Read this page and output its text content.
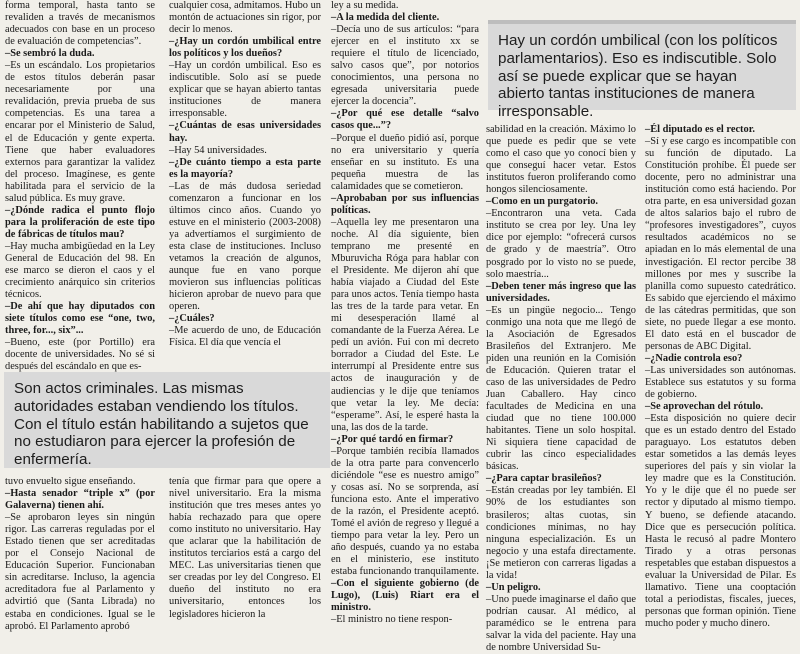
forma temporal, hasta tanto se revaliden a través de mecanismos adecuados con base en un proceso de evaluación de competencias”.

–Se sembró la duda.

–Es un escándalo. Los propietarios de estos títulos deberán pasar necesariamente por una revalidación, previa prueba de sus competencias. Es una tarea a encarar por el Ministerio de Salud, el de Educación y gente experta. Tiene que haber evaluadores externos para garantizar la validez del proceso. Imagínese, es gente habilitada para el servicio de la salud pública. Es muy grave.

–¿Dónde radica el punto flojo para la proliferación de este tipo de fábricas de títulos mau?

–Hay mucha ambigüedad en la Ley General de Educación del 98. En ese marco se dieron el caos y el crecimiento anárquico sin criterios técnicos.

–De ahí que hay diputados con siete títulos como ese “one, two, three, for..., six”...

–Bueno, este (por Portillo) era docente de universidades. No sé si después del escándalo en que es-

cualquier cosa, admitamos. Hubo un montón de actuaciones sin rigor, por decir lo menos.

–¿Hay un cordón umbilical entre los políticos y los dueños?

–Hay un cordón umbilical. Eso es indiscutible. Solo así se puede explicar que se hayan abierto tantas instituciones de manera irresponsable.

–¿Cuántas de esas universidades hay.

–Hay 54 universidades.

–¿De cuánto tiempo a esta parte es la mayoría?

–Las de más dudosa seriedad comenzaron a funcionar en los últimos cinco años. Cuando yo estuve en el ministerio (2003-2008) ya advertíamos el surgimiento de esta clase de instituciones. Incluso vetamos la creación de algunos, aunque fue en vano porque movieron sus influencias políticas hicieron aprobar de nuevo para que operen.

–¿Cuáles?

–Me acuerdo de uno, de Educación Física. El día que vencía el

ley a su medida.

–A la medida del cliente.

–Decía uno de sus artículos: “para ejercer en el instituto xx se requiere el título de licenciado, salvo casos que”, por notorios conocimientos, una persona no egresada universitaria puede ejercer la docencia”.

–¿Por qué ese detalle “salvo casos que...”?

–Porque el dueño pidió así, porque no era universitario y quería enseñar en su instituto. Es una pequeña muestra de las calamidades que se cometieron.

–Aprobaban por sus influencias políticas.

–Aquella ley me presentaron una noche. Al día siguiente, bien temprano me presenté en Mburuvicha Róga para hablar con el Presidente. Me dijeron ahí que había viajado a Ciudad del Este para unos actos. Tenía tiempo hasta las tres de la tarde para vetar. En mi desesperación llamé al comandante de la Fuerza Aérea. Le pedí un avión. Fui con mi decreto borrador a Ciudad del Este. Le interrumpí al Presidente entre sus actos de inauguración y de audiencias y le dije que teníamos que vetar la ley. Me decía: “esperame”. Así, le esperé hasta la una, las dos de la tarde.

–¿Por qué tardó en firmar?

–Porque también recibía llamados de la otra parte para convencerlo diciéndole “ese es nuestro amigo” y cosas así. No se sorprenda, así funciona esto. Ante el imperativo de la razón, el Presidente aceptó. Tomé el avión de regreso y llegué a tiempo para vetar la ley. Pero un año después, cuando ya no estaba en el ministerio, ese instituto estaba funcionando tranquilamente.

–Con el siguiente gobierno (de Lugo), (Luis) Riart era el ministro.

–El ministro no tiene respon-

Son actos criminales. Las mismas autoridades estaban vendiendo los títulos. Con el título están habilitando a sujetos que no estudiaron para ejercer la profesión de enfermería.
Hay un cordón umbilical (con los políticos parlamentarios). Eso es indiscutible. Solo así se puede explicar que se hayan abierto tantas instituciones de manera irresponsable.

tuvo envuelto sigue enseñando.

–Hasta senador “triple x” (por Galaverna) tienen ahí.

–Se aprobaron leyes sin ningún rigor. Las carreras reguladas por el Estado tienen que ser acreditadas por el Consejo Nacional de Educación Superior. Funcionaban sin acreditarse. Incluso, la agencia acreditadora fue al Parlamento y advirtió que (Santa Librada) no estaba en condiciones. Igual se le aprobó. El Parlamento aprobó

tenía que firmar para que opere a nivel universitario. Era la misma institución que tres meses antes yo había rechazado para que opere como instituto no universitario. Hay que aclarar que la habilitación de institutos terciarios está a cargo del MEC. Las universitarias tienen que ser creadas por ley del Congreso. El dueño del instituto no era universitario, entonces los legisladores hicieron la

sabilidad en la creación. Máximo lo que puede es pedir que se vete como el caso que yo conocí bien y que conseguí hacer vetar. Estos institutos fueron proliferando como hongos silenciosamente.

–Como en un purgatorio.

–Encontraron una veta. Cada instituto se crea por ley. Una ley dice por ejemplo: “ofrecerá cursos de grado y de maestría”. Otro posgrado por lo visto no se puede, solo maestría...

–Deben tener más ingreso que las universidades.

–Es un pingüe negocio... Tengo conmigo una nota que me llegó de la Asociación de Egresados Brasileños del Extranjero. Me piden una reunión en la Comisión de Educación. Quieren tratar el caso de las universidades de Pedro Juan Caballero. Hay cinco facultades de Medicina en una ciudad que no tiene 100.000 habitantes. Tiene un solo hospital. Ni siquiera tiene capacidad de cubrir las cinco especialidades básicas.

–¿Para captar brasileños?

–Están creadas por ley también. El 90% de los estudiantes son brasileros; altas cuotas, sin condiciones mínimas, no hay ninguna especialización. Es un negocio y una estafa directamente. ¡Se metieron con carreras ligadas a la vida!

–Un peligro.

–Uno puede imaginarse el daño que podrían causar. Al médico, al paramédico se le entrena para salvar la vida del paciente. Hay una de nombre Universidad Su-

–Él diputado es el rector.

–Sí y ese cargo es incompatible con su función de diputado. La Constitución prohíbe. Él puede ser docente, pero no administrar una institución como está haciendo. Por otra parte, en esa universidad gozan de altos salarios bajo el rubro de “profesores investigadores”, cuyos resultados académicos no se apiadan en lo más elemental de una investigación. El rector percibe 38 millones por mes y suscribe la planilla como supuesto catedrático. Es sabido que ejerciendo el máximo de las cátedras permitidas, que son siete, no puede llegar a ese monto. El dato está en el buscador de personas de ABC Digital.

–¿Nadie controla eso?

–Las universidades son autónomas. Establece sus estatutos y su forma de gobierno.

–Se aprovechan del rótulo.

–Esta disposición no quiere decir que es un estado dentro del Estado paraguayo. Los estatutos deben estar sometidos a las demás leyes superiores del país y sin violar la ley madre que es la Constitución. Yo y le dije que él no puede ser rector y diputado al mismo tiempo. Y bueno, se defiende atacando. Dice que es persecución política. Hasta le recusó al padre Montero Tirado y a otras personas respetables que estaban dispuestos a evaluar la Universidad de Pilar. Es llamativo. Tiene una cooptación total a periodistas, fiscales, jueces, personas que forman opinión. Tiene mucho poder y mucho dinero.
